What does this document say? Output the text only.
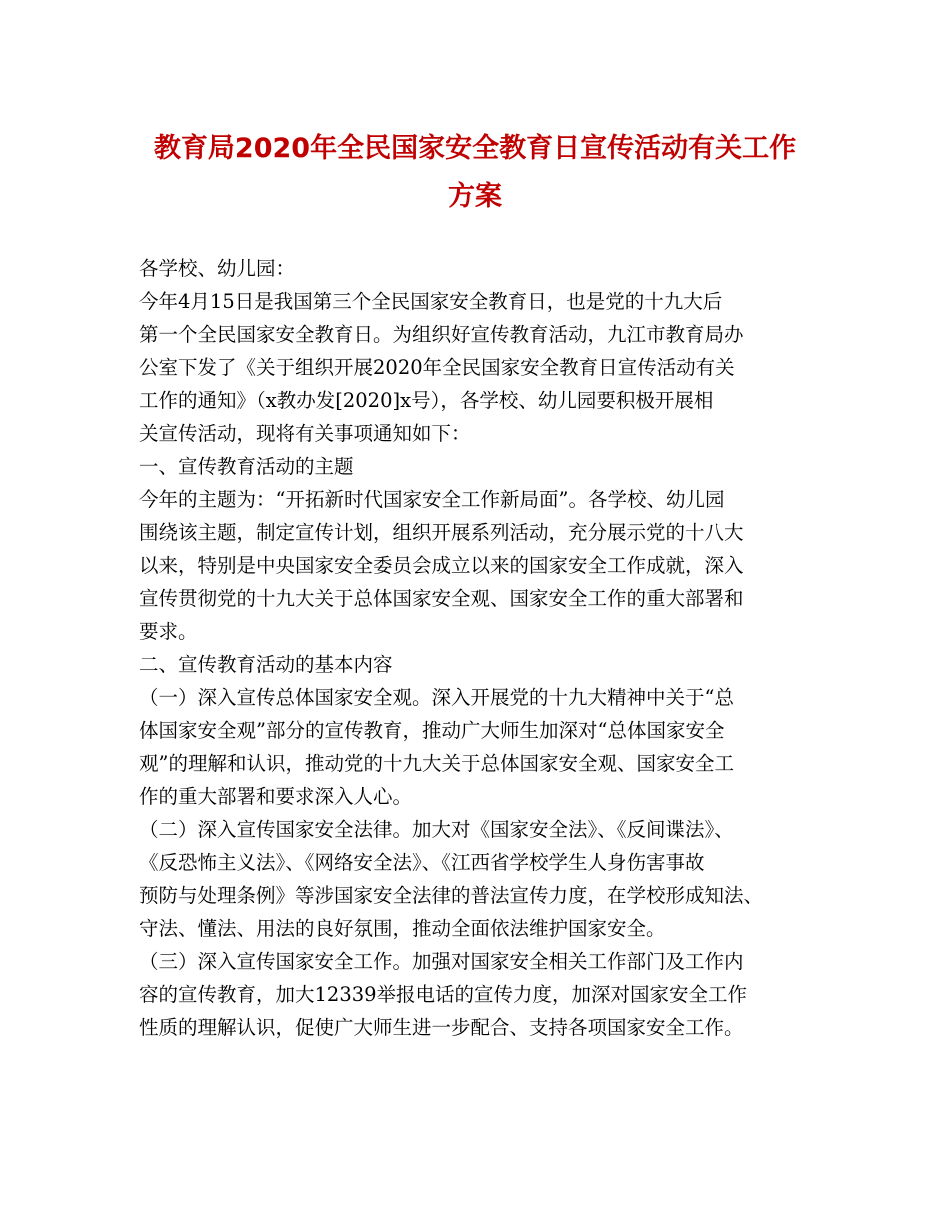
教育局2020年全民国家安全教育日宣传活动有关工作
方案
各学校、幼儿园：
今年4月15日是我国第三个全民国家安全教育日，也是党的十九大后
第一个全民国家安全教育日。为组织好宣传教育活动，九江市教育局办
公室下发了《关于组织开展2020年全民国家安全教育日宣传活动有关
工作的通知》（x教办发[2020]x号），各学校、幼儿园要积极开展相
关宣传活动，现将有关事项通知如下：
一、宣传教育活动的主题
今年的主题为：“开拓新时代国家安全工作新局面”。各学校、幼儿园
围绕该主题，制定宣传计划，组织开展系列活动，充分展示党的十八大
以来，特别是中央国家安全委员会成立以来的国家安全工作成就，深入
宣传贯彻党的十九大关于总体国家安全观、国家安全工作的重大部署和
要求。
二、宣传教育活动的基本内容
（一）深入宣传总体国家安全观。深入开展党的十九大精神中关于“总
体国家安全观”部分的宣传教育，推动广大师生加深对“总体国家安全
观”的理解和认识，推动党的十九大关于总体国家安全观、国家安全工
作的重大部署和要求深入人心。
（二）深入宣传国家安全法律。加大对《国家安全法》、《反间谍法》、
《反恐怖主义法》、《网络安全法》、《江西省学校学生人身伤害事故
预防与处理条例》等涉国家安全法律的普法宣传力度，在学校形成知法、
守法、懂法、用法的良好氛围，推动全面依法维护国家安全。
（三）深入宣传国家安全工作。加强对国家安全相关工作部门及工作内
容的宣传教育，加大12339举报电话的宣传力度，加深对国家安全工作
性质的理解认识，促使广大师生进一步配合、支持各项国家安全工作。
